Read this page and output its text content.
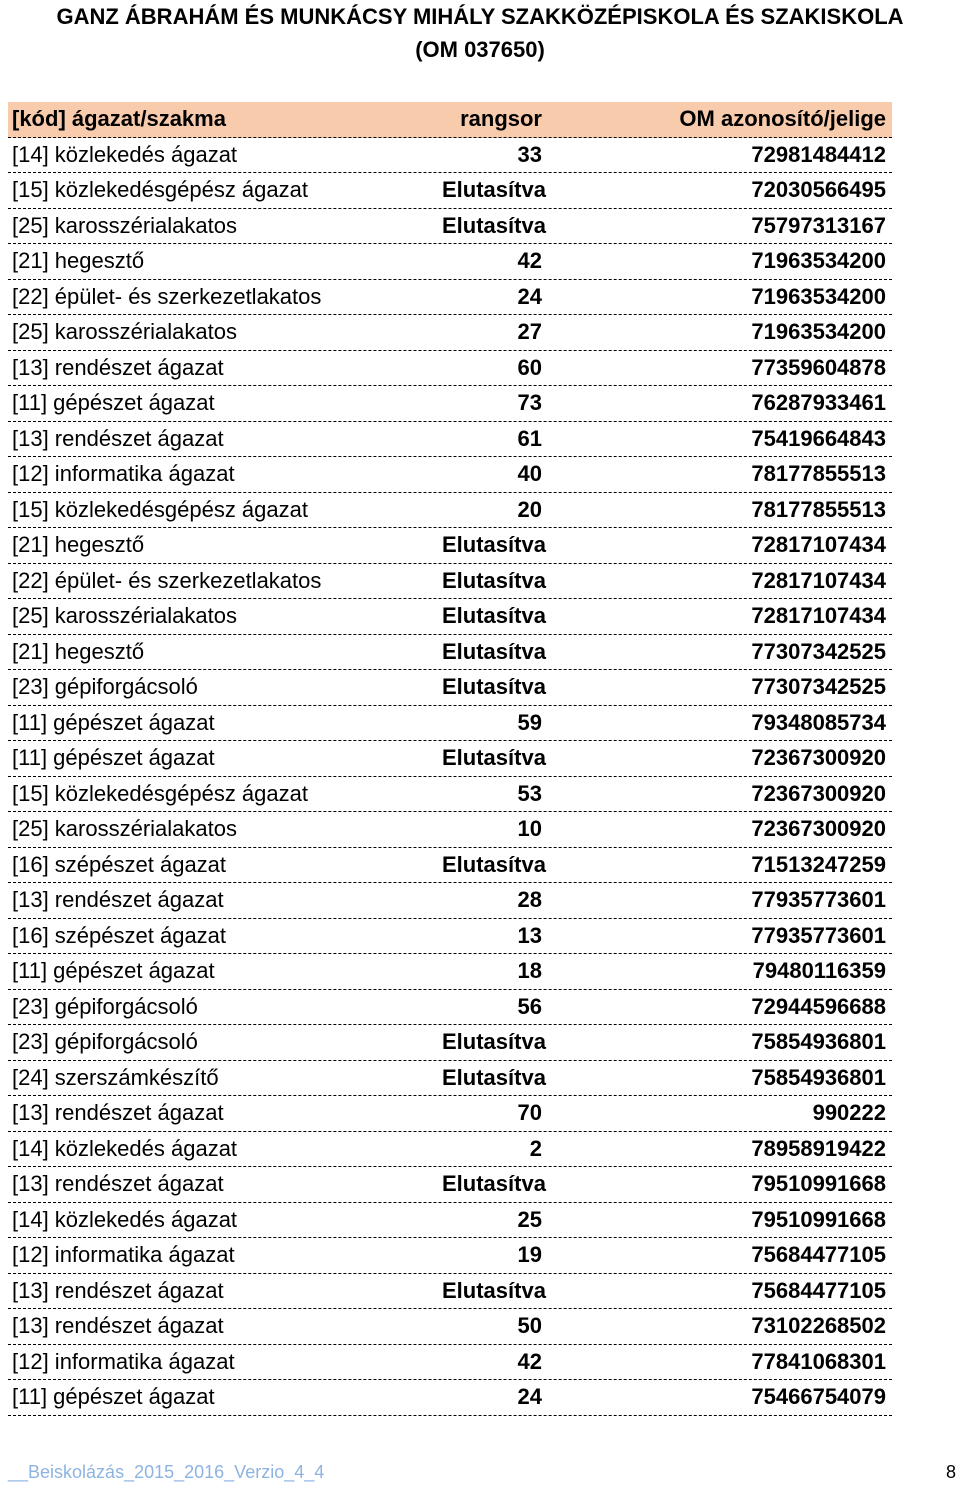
GANZ ÁBRAHÁM ÉS MUNKÁCSY MIHÁLY SZAKKÖZÉPISKOLA ÉS SZAKISKOLA
(OM 037650)
[kód] ágazat/szakma	rangsor	OM azonosító/jelige
[14] közlekedés ágazat	33	72981484412
[15] közlekedésgépész ágazat	Elutasítva	72030566495
[25] karosszérialakatos	Elutasítva	75797313167
[21] hegesztő	42	71963534200
[22] épület- és szerkezetlakatos	24	71963534200
[25] karosszérialakatos	27	71963534200
[13] rendészet ágazat	60	77359604878
[11] gépészet ágazat	73	76287933461
[13] rendészet ágazat	61	75419664843
[12] informatika ágazat	40	78177855513
[15] közlekedésgépész ágazat	20	78177855513
[21] hegesztő	Elutasítva	72817107434
[22] épület- és szerkezetlakatos	Elutasítva	72817107434
[25] karosszérialakatos	Elutasítva	72817107434
[21] hegesztő	Elutasítva	77307342525
[23] gépiforgácsoló	Elutasítva	77307342525
[11] gépészet ágazat	59	79348085734
[11] gépészet ágazat	Elutasítva	72367300920
[15] közlekedésgépész ágazat	53	72367300920
[25] karosszérialakatos	10	72367300920
[16] szépészet ágazat	Elutasítva	71513247259
[13] rendészet ágazat	28	77935773601
[16] szépészet ágazat	13	77935773601
[11] gépészet ágazat	18	79480116359
[23] gépiforgácsoló	56	72944596688
[23] gépiforgácsoló	Elutasítva	75854936801
[24] szerszámkészítő	Elutasítva	75854936801
[13] rendészet ágazat	70	990222
[14] közlekedés ágazat	2	78958919422
[13] rendészet ágazat	Elutasítva	79510991668
[14] közlekedés ágazat	25	79510991668
[12] informatika ágazat	19	75684477105
[13] rendészet ágazat	Elutasítva	75684477105
[13] rendészet ágazat	50	73102268502
[12] informatika ágazat	42	77841068301
[11] gépészet ágazat	24	75466754079
__Beiskolázás_2015_2016_Verzio_4_4	8
